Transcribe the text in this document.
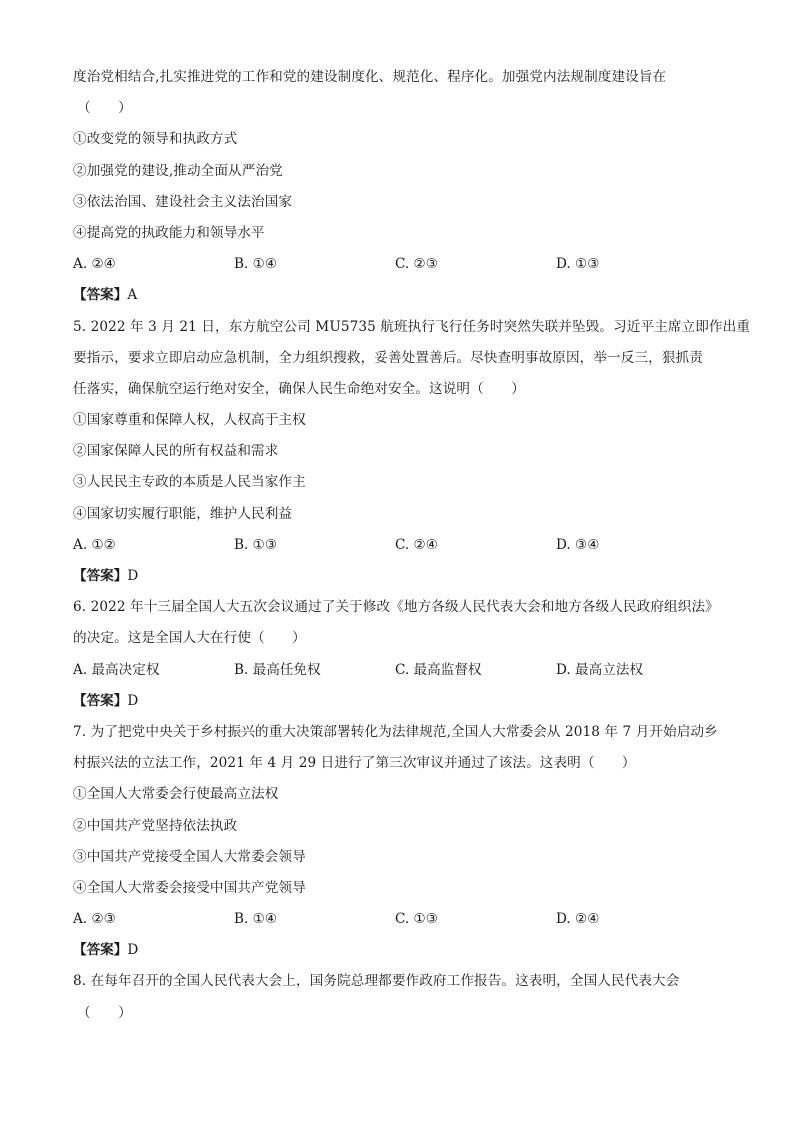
度治党相结合,扎实推进党的工作和党的建设制度化、规范化、程序化。加强党内法规制度建设旨在
（　　）
①改变党的领导和执政方式
②加强党的建设,推动全面从严治党
③依法治国、建设社会主义法治国家
④提高党的执政能力和领导水平
A. ②④	B. ①④	C. ②③	D. ①③
【答案】A
5. 2022 年 3 月 21 日，东方航空公司 MU5735 航班执行飞行任务时突然失联并坠毁。习近平主席立即作出重
要指示，要求立即启动应急机制，全力组织搜救，妥善处置善后。尽快查明事故原因，举一反三，狠抓责
任落实，确保航空运行绝对安全，确保人民生命绝对安全。这说明（　　）
①国家尊重和保障人权，人权高于主权
②国家保障人民的所有权益和需求
③人民民主专政的本质是人民当家作主
④国家切实履行职能，维护人民利益
A. ①②	B. ①③	C. ②④	D. ③④
【答案】D
6. 2022 年十三届全国人大五次会议通过了关于修改《地方各级人民代表大会和地方各级人民政府组织法》
的决定。这是全国人大在行使（　　）
A. 最高决定权	B. 最高任免权	C. 最高监督权	D. 最高立法权
【答案】D
7. 为了把党中央关于乡村振兴的重大决策部署转化为法律规范,全国人大常委会从 2018 年 7 月开始启动乡
村振兴法的立法工作，2021 年 4 月 29 日进行了第三次审议并通过了该法。这表明（　　）
①全国人大常委会行使最高立法权
②中国共产党坚持依法执政
③中国共产党接受全国人大常委会领导
④全国人大常委会接受中国共产党领导
A. ②③	B. ①④	C. ①③	D. ②④
【答案】D
8. 在每年召开的全国人民代表大会上，国务院总理都要作政府工作报告。这表明，全国人民代表大会
（　　）
